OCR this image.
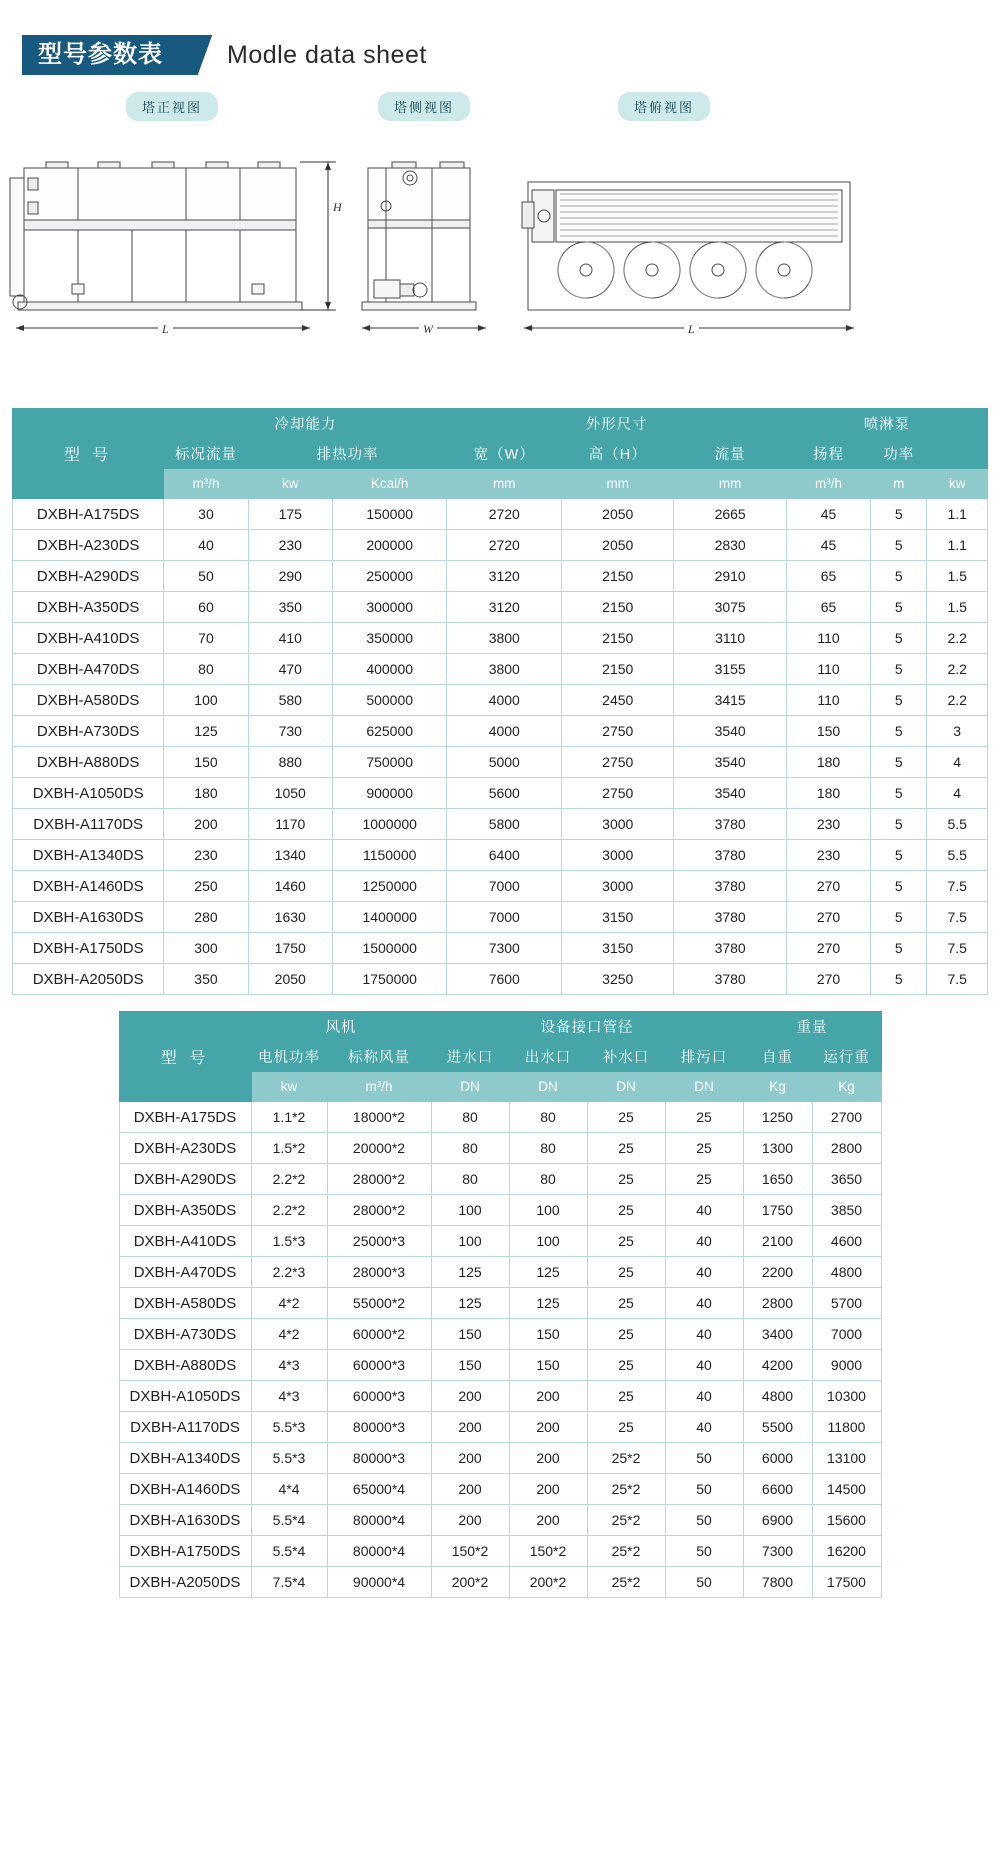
型号参数表	Modle data sheet
塔正视图	塔侧视图	塔俯视图
H
L	W	L
型 号	冷却能力			外形尺寸			喷淋泵		
	标况流量	排热功率		宽（W）	高（H）	流量	扬程	功率	
	m³/h	kw	Kcal/h	mm	mm	mm	m³/h	m	kw
DXBH-A175DS	30	175	150000	2720	2050	2665	45	5	1.1
DXBH-A230DS	40	230	200000	2720	2050	2830	45	5	1.1
DXBH-A290DS	50	290	250000	3120	2150	2910	65	5	1.5
DXBH-A350DS	60	350	300000	3120	2150	3075	65	5	1.5
DXBH-A410DS	70	410	350000	3800	2150	3110	110	5	2.2
DXBH-A470DS	80	470	400000	3800	2150	3155	110	5	2.2
DXBH-A580DS	100	580	500000	4000	2450	3415	110	5	2.2
DXBH-A730DS	125	730	625000	4000	2750	3540	150	5	3
DXBH-A880DS	150	880	750000	5000	2750	3540	180	5	4
DXBH-A1050DS	180	1050	900000	5600	2750	3540	180	5	4
DXBH-A1170DS	200	1170	1000000	5800	3000	3780	230	5	5.5
DXBH-A1340DS	230	1340	1150000	6400	3000	3780	230	5	5.5
DXBH-A1460DS	250	1460	1250000	7000	3000	3780	270	5	7.5
DXBH-A1630DS	280	1630	1400000	7000	3150	3780	270	5	7.5
DXBH-A1750DS	300	1750	1500000	7300	3150	3780	270	5	7.5
DXBH-A2050DS	350	2050	1750000	7600	3250	3780	270	5	7.5
型 号	风机		设备接口管径				重量	
	电机功率	标称风量	进水口	出水口	补水口	排污口	自重	运行重
	kw	m³/h	DN	DN	DN	DN	Kg	Kg
DXBH-A175DS	1.1*2	18000*2	80	80	25	25	1250	2700
DXBH-A230DS	1.5*2	20000*2	80	80	25	25	1300	2800
DXBH-A290DS	2.2*2	28000*2	80	80	25	25	1650	3650
DXBH-A350DS	2.2*2	28000*2	100	100	25	40	1750	3850
DXBH-A410DS	1.5*3	25000*3	100	100	25	40	2100	4600
DXBH-A470DS	2.2*3	28000*3	125	125	25	40	2200	4800
DXBH-A580DS	4*2	55000*2	125	125	25	40	2800	5700
DXBH-A730DS	4*2	60000*2	150	150	25	40	3400	7000
DXBH-A880DS	4*3	60000*3	150	150	25	40	4200	9000
DXBH-A1050DS	4*3	60000*3	200	200	25	40	4800	10300
DXBH-A1170DS	5.5*3	80000*3	200	200	25	40	5500	11800
DXBH-A1340DS	5.5*3	80000*3	200	200	25*2	50	6000	13100
DXBH-A1460DS	4*4	65000*4	200	200	25*2	50	6600	14500
DXBH-A1630DS	5.5*4	80000*4	200	200	25*2	50	6900	15600
DXBH-A1750DS	5.5*4	80000*4	150*2	150*2	25*2	50	7300	16200
DXBH-A2050DS	7.5*4	90000*4	200*2	200*2	25*2	50	7800	17500
